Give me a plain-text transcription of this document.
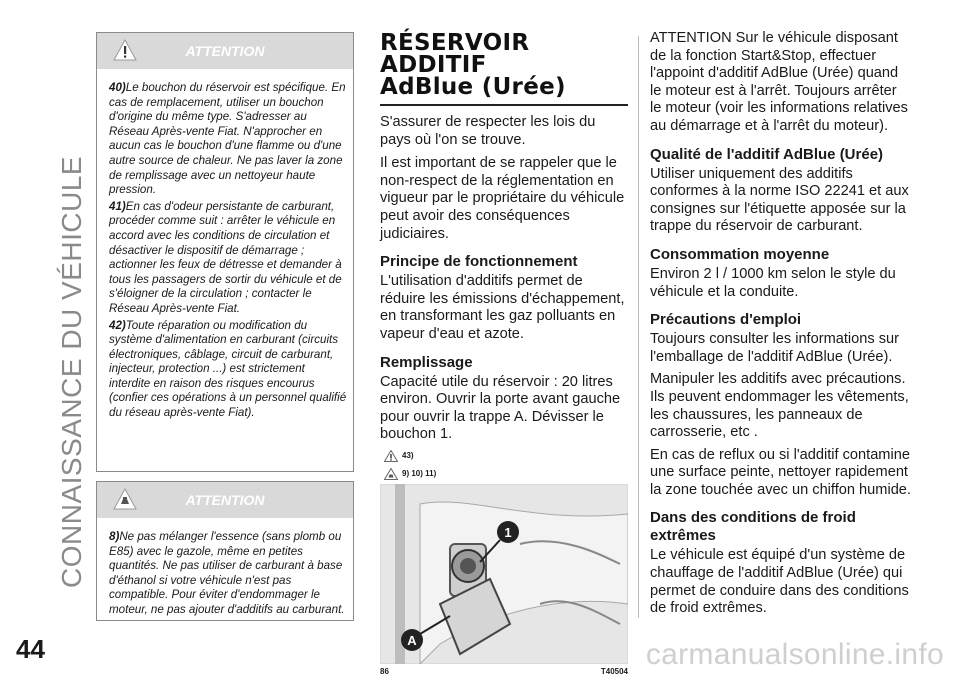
CONNAISSANCE DU VÉHICULE
44	carmanualsonline.info
ATTENTION

40)Le bouchon du réservoir est spécifique. En cas de remplacement, utiliser un bouchon d'origine du même type. S'adresser au Réseau Après-vente Fiat. N'approcher en aucun cas le bouchon d'une flamme ou d'une autre source de chaleur. Ne pas laver la zone de remplissage avec un nettoyeur haute pression.

41)En cas d'odeur persistante de carburant, procéder comme suit : arrêter le véhicule en accord avec les conditions de circulation et désactiver le dispositif de démarrage ; actionner les feux de détresse et demander à tous les passagers de sortir du véhicule et de s'éloigner de la circulation ; contacter le Réseau Après-vente Fiat.

42)Toute réparation ou modification du système d'alimentation en carburant (circuits électroniques, câblage, circuit de carburant, injecteur, protection ...) est strictement interdite en raison des risques encourus (confier ces opérations à un personnel qualifié du réseau après-vente Fiat).

ATTENTION

8)Ne pas mélanger l'essence (sans plomb ou E85) avec le gazole, même en petites quantités. Ne pas utiliser de carburant à base d'éthanol si votre véhicule n'est pas compatible. Pour éviter d'endommager le moteur, ne pas ajouter d'additifs au carburant.

RÉSERVOIR ADDITIF
AdBlue (Urée)

S'assurer de respecter les lois du pays où l'on se trouve.

Il est important de se rappeler que le non-respect de la réglementation en vigueur par le propriétaire du véhicule peut avoir des conséquences judiciaires.

Principe de fonctionnement

L'utilisation d'additifs permet de réduire les émissions d'échappement, en transformant les gaz polluants en vapeur d'eau et azote.

Remplissage

Capacité utile du réservoir : 20 litres environ. Ouvrir la porte avant gauche pour ouvrir la trappe A. Dévisser le bouchon 1.

43)
9) 10) 11)
1
A
86	T40504

ATTENTION Sur le véhicule disposant de la fonction Start&Stop, effectuer l'appoint d'additif AdBlue (Urée) quand le moteur est à l'arrêt. Toujours arrêter le moteur (voir les informations relatives au démarrage et à l'arrêt du moteur).

Qualité de l'additif AdBlue (Urée)

Utiliser uniquement des additifs conformes à la norme ISO 22241 et aux consignes sur l'étiquette apposée sur la trappe du réservoir de carburant.

Consommation moyenne

Environ 2 l / 1000 km selon le style du véhicule et la conduite.

Précautions d'emploi

Toujours consulter les informations sur l'emballage de l'additif AdBlue (Urée).

Manipuler les additifs avec précautions. Ils peuvent endommager les vêtements, les chaussures, les panneaux de carrosserie, etc .

En cas de reflux ou si l'additif contamine une surface peinte, nettoyer rapidement la zone touchée avec un chiffon humide.

Dans des conditions de froid extrêmes

Le véhicule est équipé d'un système de chauffage de l'additif AdBlue (Urée) qui permet de conduire dans des conditions de froid extrêmes.
